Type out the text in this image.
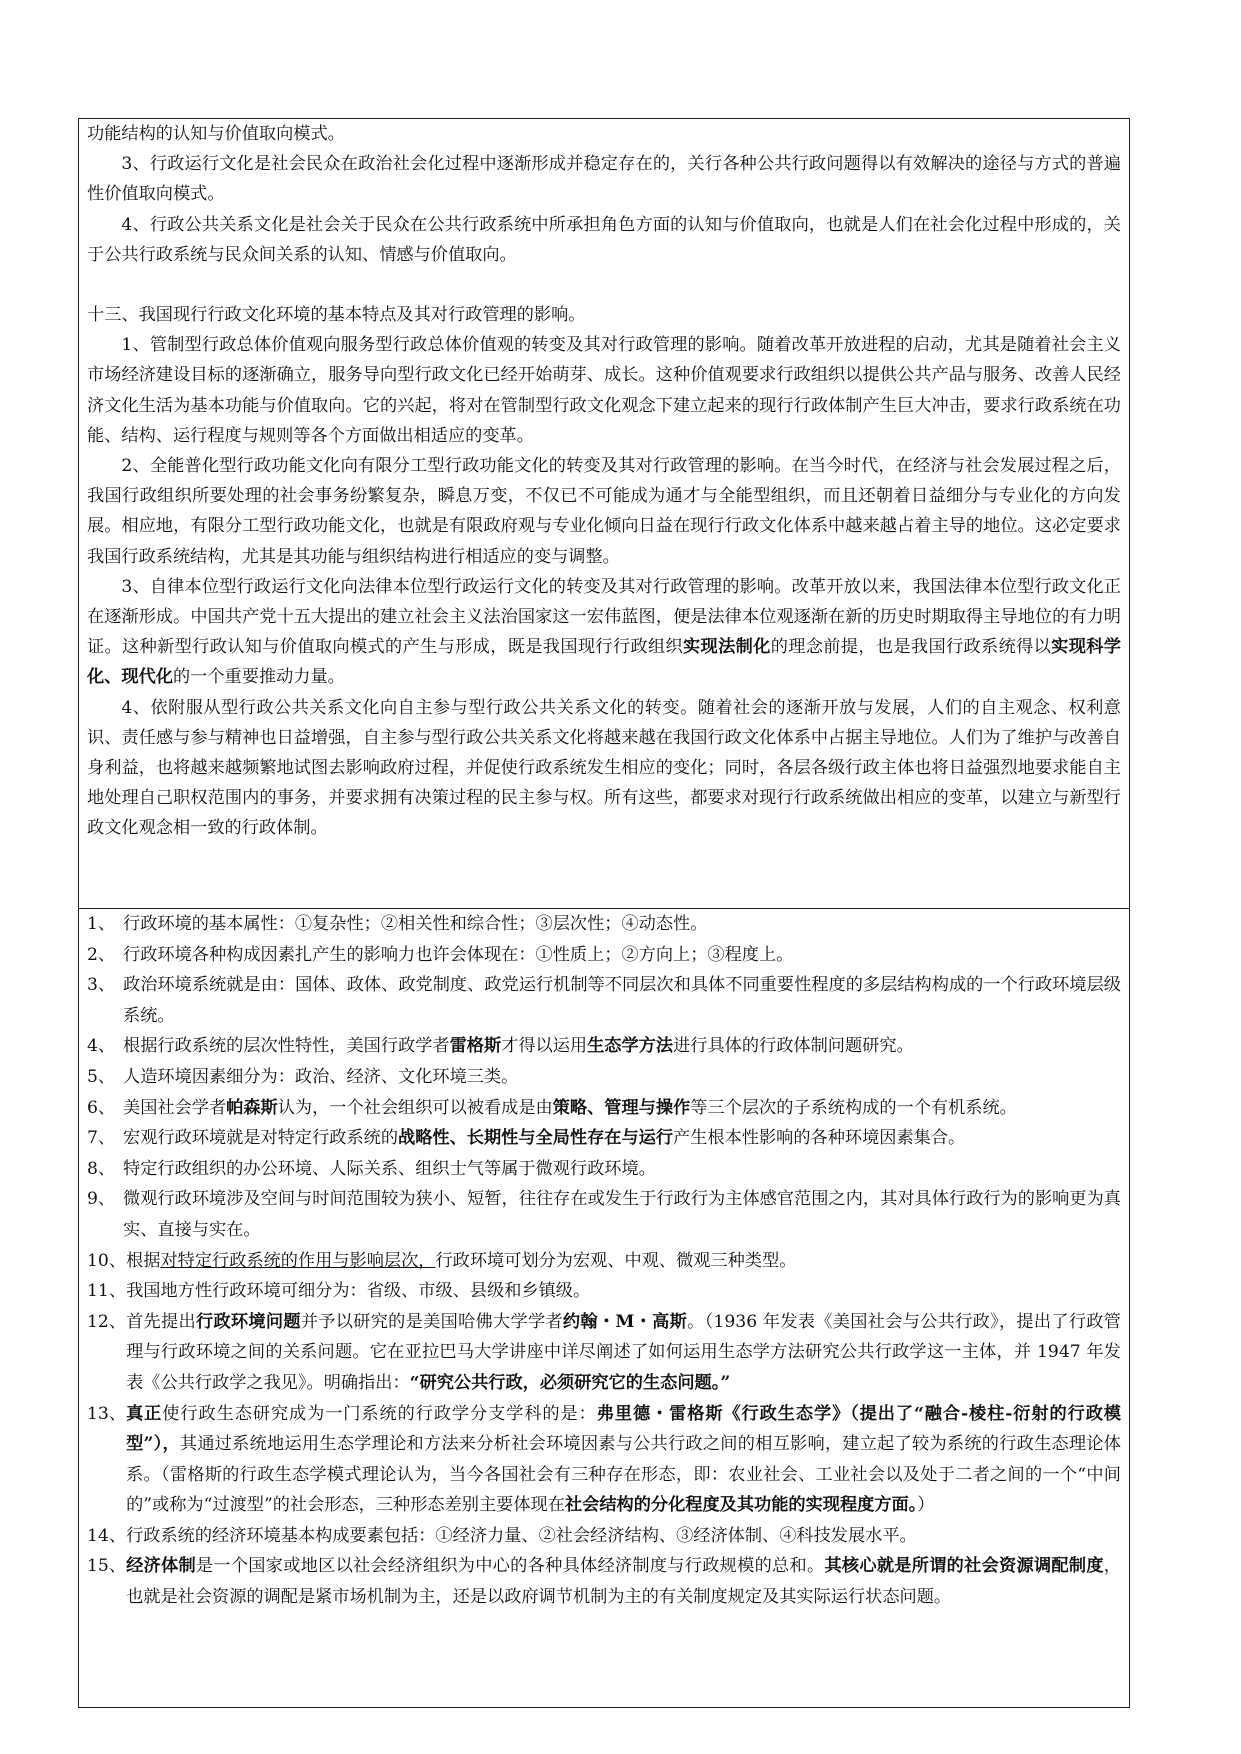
功能结构的认知与价值取向模式。

3、行政运行文化是社会民众在政治社会化过程中逐渐形成并稳定存在的，关行各种公共行政问题得以有效解决的途径与方式的普遍性价值取向模式。

4、行政公共关系文化是社会关于民众在公共行政系统中所承担角色方面的认知与价值取向，也就是人们在社会化过程中形成的，关于公共行政系统与民众间关系的认知、情感与价值取向。

十三、我国现行行政文化环境的基本特点及其对行政管理的影响。

1、管制型行政总体价值观向服务型行政总体价值观的转变及其对行政管理的影响。随着改革开放进程的启动，尤其是随着社会主义市场经济建设目标的逐渐确立，服务导向型行政文化已经开始萌芽、成长。这种价值观要求行政组织以提供公共产品与服务、改善人民经济文化生活为基本功能与价值取向。它的兴起，将对在管制型行政文化观念下建立起来的现行行政体制产生巨大冲击，要求行政系统在功能、结构、运行程度与规则等各个方面做出相适应的变革。

2、全能普化型行政功能文化向有限分工型行政功能文化的转变及其对行政管理的影响。在当今时代，在经济与社会发展过程之后，我国行政组织所要处理的社会事务纷繁复杂，瞬息万变，不仅已不可能成为通才与全能型组织，而且还朝着日益细分与专业化的方向发展。相应地，有限分工型行政功能文化，也就是有限政府观与专业化倾向日益在现行行政文化体系中越来越占着主导的地位。这必定要求我国行政系统结构，尤其是其功能与组织结构进行相适应的变与调整。

3、自律本位型行政运行文化向法律本位型行政运行文化的转变及其对行政管理的影响。改革开放以来，我国法律本位型行政文化正在逐渐形成。中国共产党十五大提出的建立社会主义法治国家这一宏伟蓝图，便是法律本位观逐渐在新的历史时期取得主导地位的有力明证。这种新型行政认知与价值取向模式的产生与形成，既是我国现行行政组织实现法制化的理念前提，也是我国行政系统得以实现科学化、现代化的一个重要推动力量。

4、依附服从型行政公共关系文化向自主参与型行政公共关系文化的转变。随着社会的逐渐开放与发展，人们的自主观念、权利意识、责任感与参与精神也日益增强，自主参与型行政公共关系文化将越来越在我国行政文化体系中占据主导地位。人们为了维护与改善自身利益，也将越来越频繁地试图去影响政府过程，并促使行政系统发生相应的变化；同时，各层各级行政主体也将日益强烈地要求能自主地处理自己职权范围内的事务，并要求拥有决策过程的民主参与权。所有这些，都要求对现行行政系统做出相应的变革，以建立与新型行政文化观念相一致的行政体制。

1、 行政环境的基本属性：①复杂性；②相关性和综合性；③层次性；④动态性。
2、 行政环境各种构成因素扎产生的影响力也许会体现在：①性质上；②方向上；③程度上。
3、 政治环境系统就是由：国体、政体、政党制度、政党运行机制等不同层次和具体不同重要性程度的多层结构构成的一个行政环境层级系统。
4、 根据行政系统的层次性特性，美国行政学者雷格斯才得以运用生态学方法进行具体的行政体制问题研究。
5、 人造环境因素细分为：政治、经济、文化环境三类。
6、 美国社会学者帕森斯认为，一个社会组织可以被看成是由策略、管理与操作等三个层次的子系统构成的一个有机系统。
7、 宏观行政环境就是对特定行政系统的战略性、长期性与全局性存在与运行产生根本性影响的各种环境因素集合。
8、 特定行政组织的办公环境、人际关系、组织士气等属于微观行政环境。
9、 微观行政环境涉及空间与时间范围较为狭小、短暂，往往存在或发生于行政行为主体感官范围之内，其对具体行政行为的影响更为真实、直接与实在。
10、 根据对特定行政系统的作用与影响层次，行政环境可划分为宏观、中观、微观三种类型。
11、 我国地方性行政环境可细分为：省级、市级、县级和乡镇级。
12、 首先提出行政环境问题并予以研究的是美国哈佛大学学者约翰・M・高斯。（1936 年发表《美国社会与公共行政》，提出了行政管理与行政环境之间的关系问题。它在亚拉巴马大学讲座中详尽阐述了如何运用生态学方法研究公共行政学这一主体，并 1947 年发表《公共行政学之我见》。明确指出：“研究公共行政，必须研究它的生态问题。”
13、 真正使行政生态研究成为一门系统的行政学分支学科的是：弗里德・雷格斯《行政生态学》（提出了“融合-棱柱-衍射的行政模型”），其通过系统地运用生态学理论和方法来分析社会环境因素与公共行政之间的相互影响，建立起了较为系统的行政生态理论体系。（雷格斯的行政生态学模式理论认为，当今各国社会有三种存在形态，即：农业社会、工业社会以及处于二者之间的一个“中间的”或称为“过渡型”的社会形态，三种形态差别主要体现在社会结构的分化程度及其功能的实现程度方面。）
14、 行政系统的经济环境基本构成要素包括：①经济力量、②社会经济结构、③经济体制、④科技发展水平。
15、 经济体制是一个国家或地区以社会经济组织为中心的各种具体经济制度与行政规模的总和。其核心就是所谓的社会资源调配制度，也就是社会资源的调配是紧市场机制为主，还是以政府调节机制为主的有关制度规定及其实际运行状态问题。
